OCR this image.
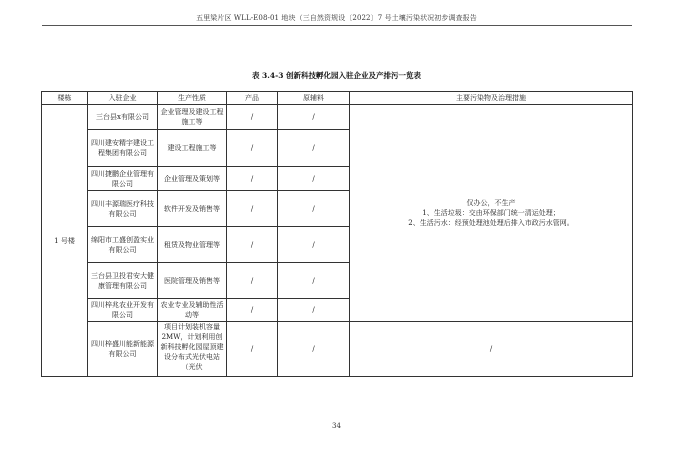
五里梁片区 WLL-E08-01 地块（三自然资规设〔2022〕7 号土壤污染状况初步调查报告
表 3.4-3 创新科技孵化园入驻企业及产排污一览表
楼栋	入驻企业	生产性质	产品	原辅料	主要污染物及治理措施
1 号楼	三台县x有限公司	企业管理及建设工程施工等	/	/	仅办公，不生产
1、生活垃圾：交由环保部门统一清运处理；
2、生活污水：经预处理池处理后排入市政污水管网。

	四川建安精宇建设工程集团有限公司	建设工程施工等	/	/	
	四川捷鹏企业管理有限公司	企业管理及策划等	/	/	
	四川丰源瑞医疗科技有限公司	软件开发及销售等	/	/	
	绵阳市工盛创盈实业有限公司	租赁及物业管理等	/	/	
	三台县卫投君安大健康管理有限公司	医院管理及销售等	/	/	
	四川梓兆农业开发有限公司	农业专业及辅助性活动等	/	/	
	四川梓盛川能新能源有限公司	项目计划装机容量2MW，计划利用创新科技孵化园屋顶建设分布式光伏电站（光伏	/	/	/
34
